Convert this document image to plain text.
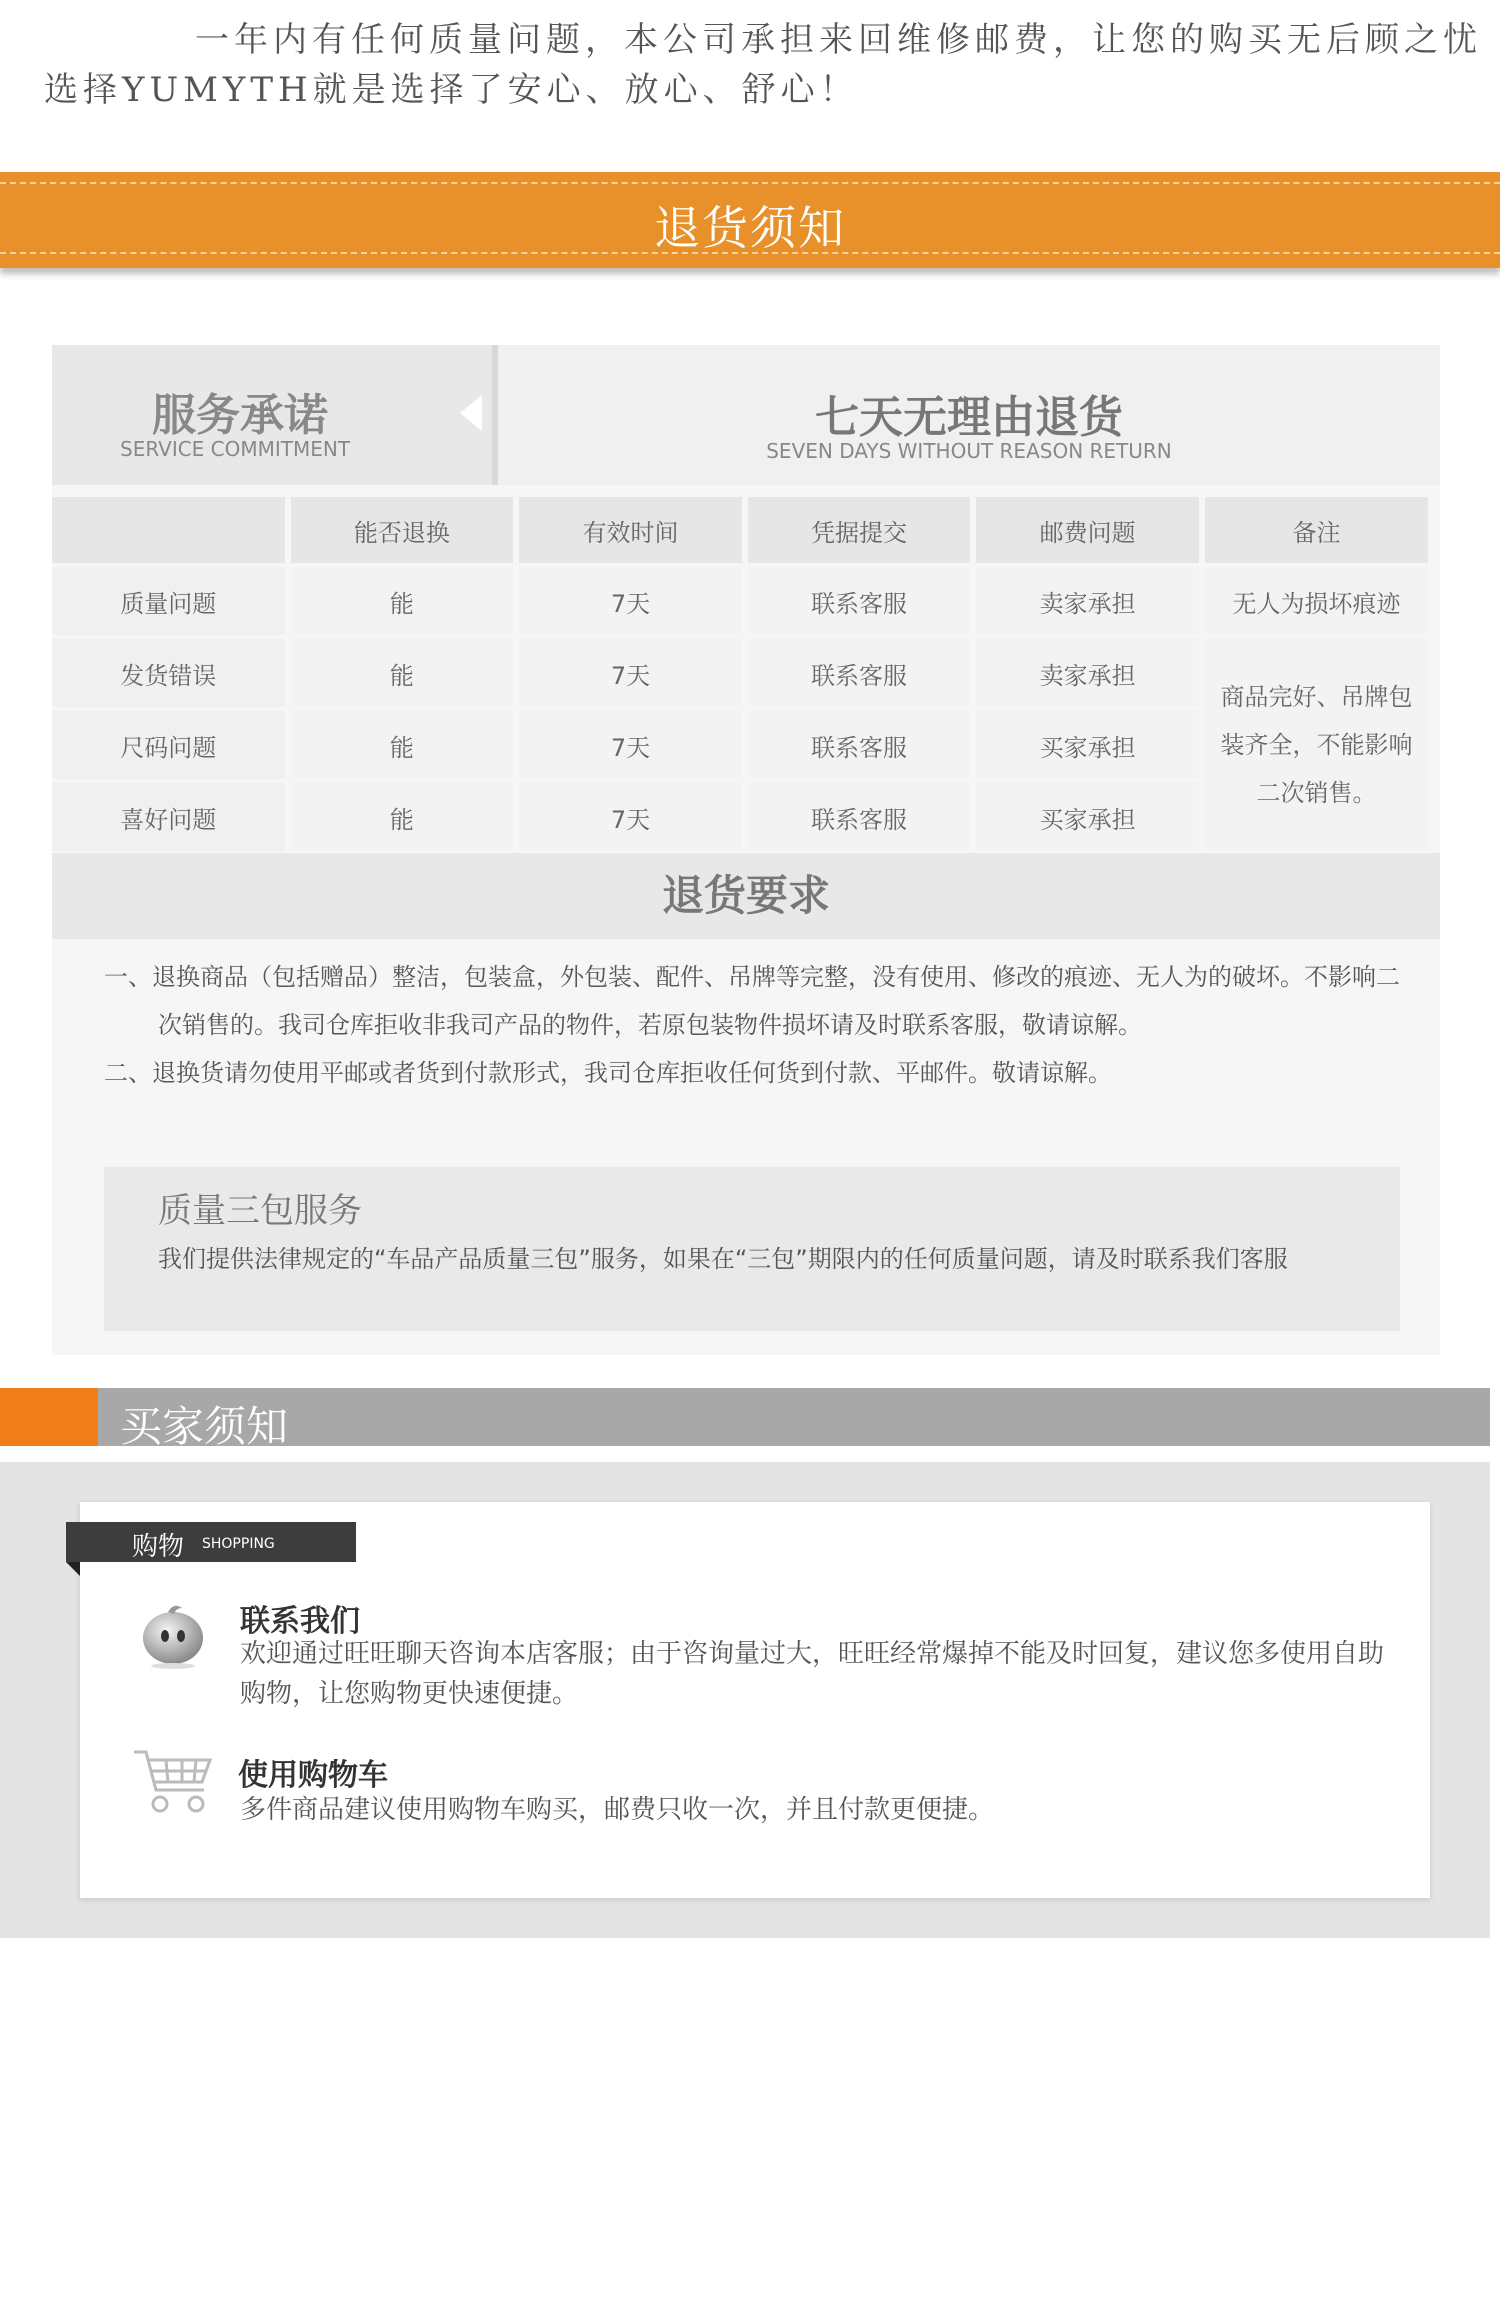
一年内有任何质量问题，本公司承担来回维修邮费，让您的购买无后顾之忧
选择YUMYTH就是选择了安心、放心、舒心！
退货须知
服务承诺
SERVICE COMMITMENT
七天无理由退货
SEVEN DAYS WITHOUT REASON RETURN
	能否退换	有效时间	凭据提交	邮费问题	备注
质量问题	能	7天	联系客服	卖家承担	无人为损坏痕迹
发货错误	能	7天	联系客服	卖家承担	商品完好、吊牌包装齐全，不能影响二次销售。
尺码问题	能	7天	联系客服	买家承担	
喜好问题	能	7天	联系客服	买家承担	
退货要求

一、退换商品（包括赠品）整洁，包装盒，外包装、配件、吊牌等完整，没有使用、修改的痕迹、无人为的破坏。不影响二次销售的。我司仓库拒收非我司产品的物件，若原包装物件损坏请及时联系客服，敬请谅解。

二、退换货请勿使用平邮或者货到付款形式，我司仓库拒收任何货到付款、平邮件。敬请谅解。

质量三包服务
我们提供法律规定的“车品产品质量三包”服务，如果在“三包”期限内的任何质量问题，请及时联系我们客服
买家须知
购物 SHOPPING
联系我们
欢迎通过旺旺聊天咨询本店客服；由于咨询量过大，旺旺经常爆掉不能及时回复，建议您多使用自助购物，让您购物更快速便捷。
使用购物车
多件商品建议使用购物车购买，邮费只收一次，并且付款更便捷。
